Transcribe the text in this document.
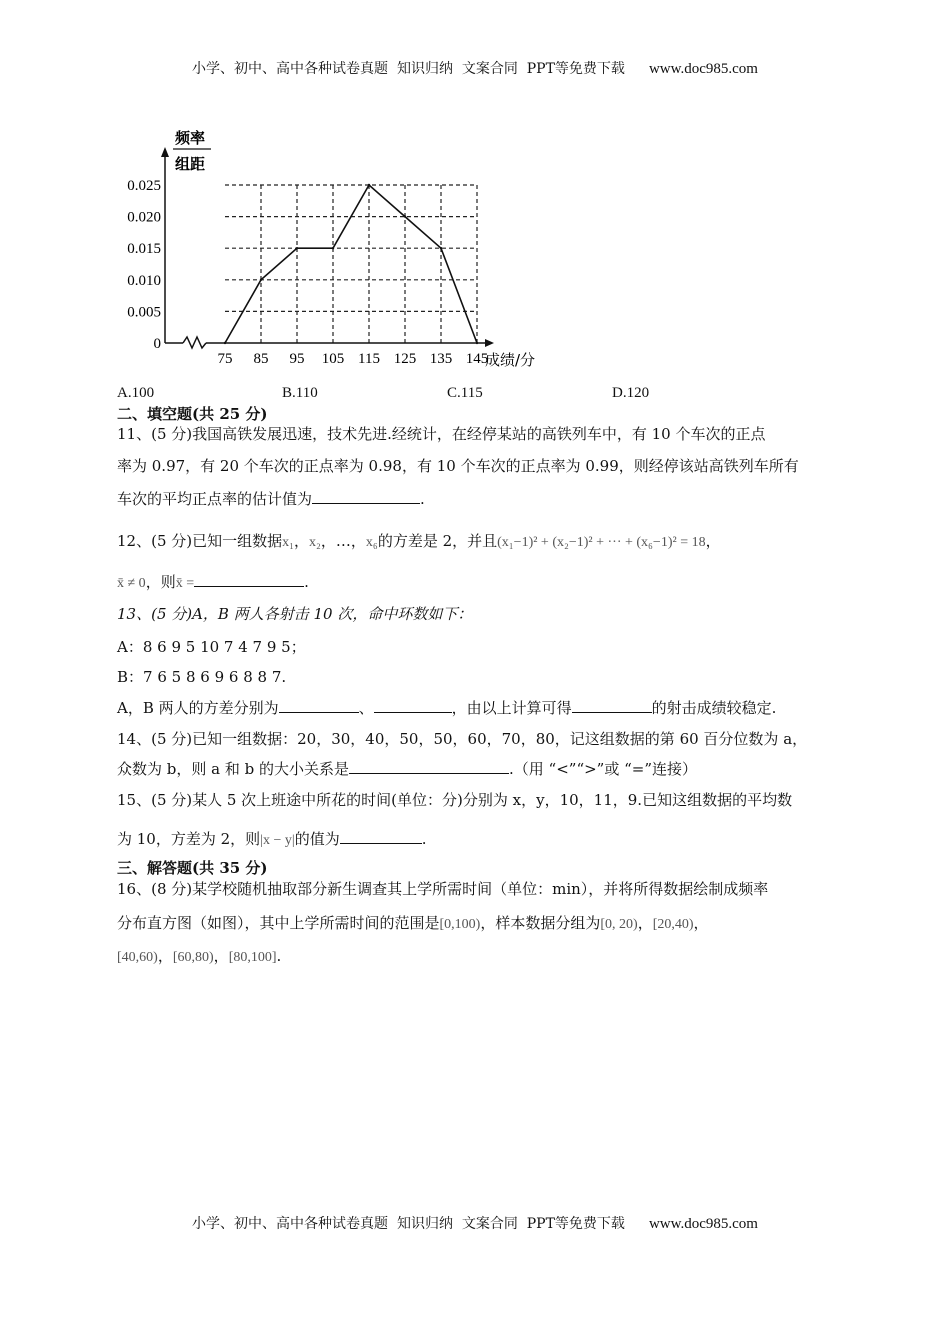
小学、初中、高中各种试卷真题  知识归纳  文案合同  PPT等免费下载 www.doc985.com
频率
组距
0.025
0.020
0.015
0.010
0.005
0
75 85 95 105 115 125 135 145
成绩/分
A.100	B.110	C.115	D.120
二、填空题(共 25 分)
11、(5 分)我国高铁发展迅速，技术先进.经统计，在经停某站的高铁列车中，有 10 个车次的正点
率为 0.97，有 20 个车次的正点率为 0.98，有 10 个车次的正点率为 0.99，则经停该站高铁列车所有
车次的平均正点率的估计值为	.
12、(5 分)已知一组数据x₁，x₂，…，x₆的方差是 2，并且(x₁−1)² + (x₂−1)² + ··· + (x₆−1)² = 18，
x̄ ≠ 0，则x̄ =	.
13、(5 分)A，B 两人各射击 10 次，命中环数如下：
A：8 6 9 5 10 7 4 7 9 5；
B：7 6 5 8 6 9 6 8 8 7.
A，B 两人的方差分别为	、	，由以上计算可得	的射击成绩较稳定.
14、(5 分)已知一组数据：20，30，40，50，50，60，70，80，记这组数据的第 60 百分位数为 a，
众数为 b，则 a 和 b 的大小关系是	.（用 “<”“>”或 “=”连接）
15、(5 分)某人 5 次上班途中所花的时间(单位：分)分别为 x，y，10，11，9.已知这组数据的平均数
为 10，方差为 2，则|x − y|的值为	.
三、解答题(共 35 分)
16、(8 分)某学校随机抽取部分新生调查其上学所需时间（单位：min），并将所得数据绘制成频率
分布直方图（如图），其中上学所需时间的范围是[0,100)，样本数据分组为[0, 20)，[20,40)，
[40,60)，[60,80)，[80,100].
小学、初中、高中各种试卷真题  知识归纳  文案合同  PPT等免费下载 www.doc985.com
